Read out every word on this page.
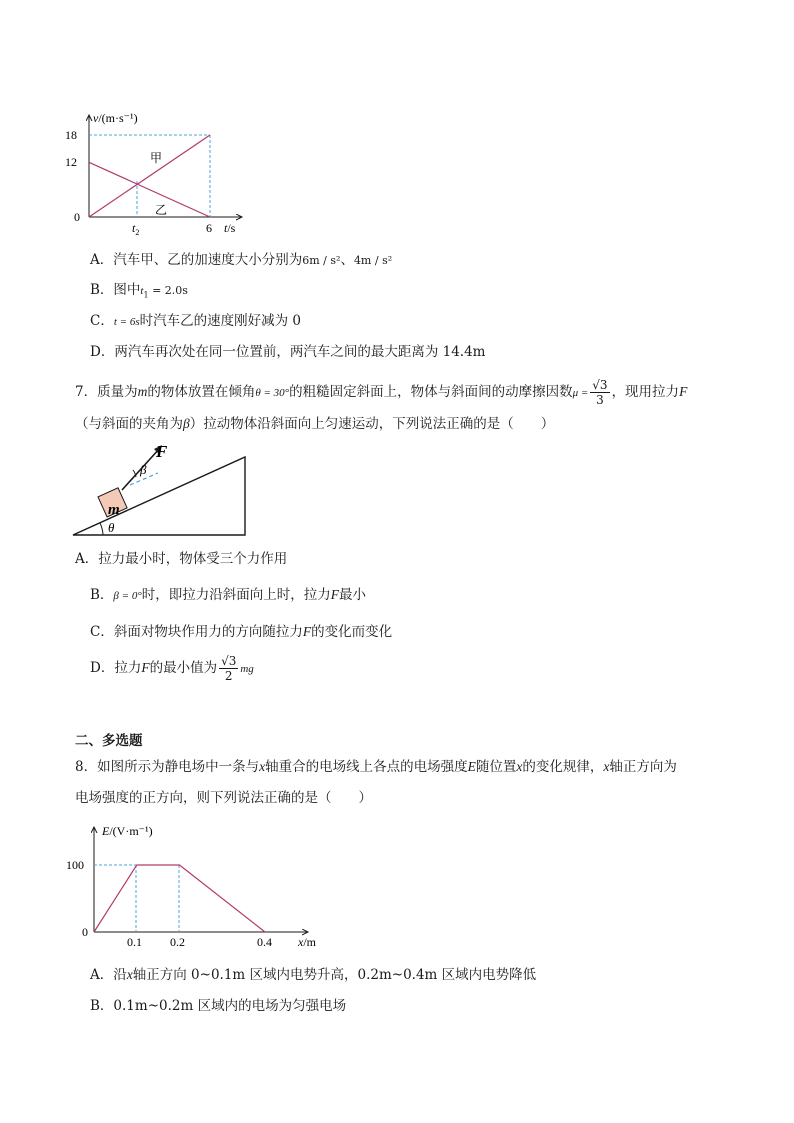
v/(m·s⁻¹)
18
12
0
$t_2$	6 t/s
甲
乙
A．汽车甲、乙的加速度大小分别为6m / s²、4m / s²
B．图中$t_1 = 2.0s$
C．t = 6s时汽车乙的速度刚好减为 0
D．两汽车再次处在同一位置前，两汽车之间的最大距离为 14.4m
7．质量为m的物体放置在倾角θ = 30°的粗糙固定斜面上，物体与斜面间的动摩擦因数$\mu = \frac{√3}{3}$ ，现用拉力F
（与斜面的夹角为β）拉动物体沿斜面向上匀速运动，下列说法正确的是（　　）
F
β
m
θ
A．拉力最小时，物体受三个力作用
B．β = 0°时，即拉力沿斜面向上时，拉力F最小
C．斜面对物块作用力的方向随拉力F的变化而变化
D．拉力F的最小值为 $\frac{√3}{2}$ mg
二、多选题
8．如图所示为静电场中一条与x轴重合的电场线上各点的电场强度E随位置x的变化规律，x轴正方向为
电场强度的正方向，则下列说法正确的是（　　）
E/(V·m⁻¹)
100
0
0.1 0.2	0.4 x/m
A．沿x轴正方向 0~0.1m 区域内电势升高，0.2m~0.4m 区域内电势降低
B．0.1m~0.2m 区域内的电场为匀强电场
